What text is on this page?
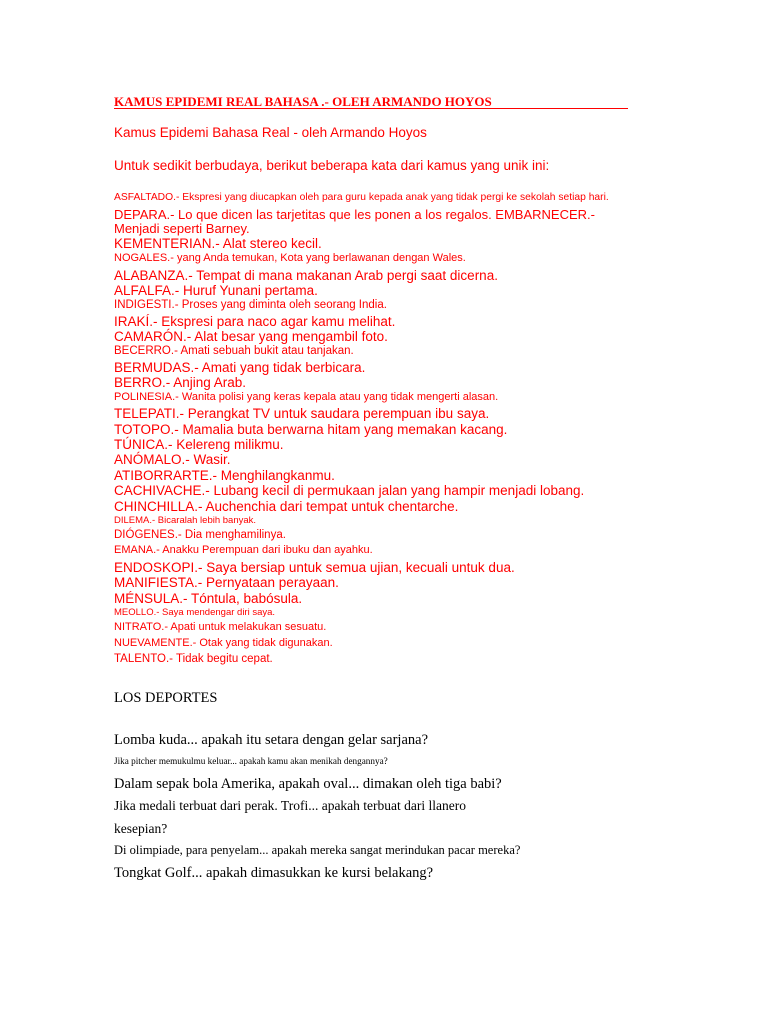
KAMUS EPIDEMI REAL BAHASA .- OLEH ARMANDO HOYOS
Kamus Epidemi Bahasa Real - oleh Armando Hoyos
Untuk sedikit berbudaya, berikut beberapa kata dari kamus yang unik ini:
ASFALTADO.- Ekspresi yang diucapkan oleh para guru kepada anak yang tidak pergi ke sekolah setiap hari.
DEPARA.- Lo que dicen las tarjetitas que les ponen a los regalos. EMBARNECER.-
Menjadi seperti Barney.
KEMENTERIAN.- Alat stereo kecil.
NOGALES.- yang Anda temukan, Kota yang berlawanan dengan Wales.
ALABANZA.- Tempat di mana makanan Arab pergi saat dicerna.
ALFALFA.- Huruf Yunani pertama.
INDIGESTI.- Proses yang diminta oleh seorang India.
IRAKÍ.- Ekspresi para naco agar kamu melihat.
CAMARÓN.- Alat besar yang mengambil foto.
BECERRO.- Amati sebuah bukit atau tanjakan.
BERMUDAS.- Amati yang tidak berbicara.
BERRO.- Anjing Arab.
POLINESIA.- Wanita polisi yang keras kepala atau yang tidak mengerti alasan.
TELEPATI.- Perangkat TV untuk saudara perempuan ibu saya.
TOTOPO.- Mamalia buta berwarna hitam yang memakan kacang.
TÚNICA.- Kelereng milikmu.
ANÓMALO.- Wasir.
ATIBORRARTE.- Menghilangkanmu.
CACHIVACHE.- Lubang kecil di permukaan jalan yang hampir menjadi lobang.
CHINCHILLA.- Auchenchia dari tempat untuk chentarche.
DILEMA.- Bicaralah lebih banyak.
DIÓGENES.- Dia menghamilinya.
EMANA.- Anakku Perempuan dari ibuku dan ayahku.
ENDOSKOPI.- Saya bersiap untuk semua ujian, kecuali untuk dua.
MANIFIESTA.- Pernyataan perayaan.
MÉNSULA.- Tóntula, babósula.
MEOLLO.- Saya mendengar diri saya.
NITRATO.- Apati untuk melakukan sesuatu.
NUEVAMENTE.- Otak yang tidak digunakan.
TALENTO.- Tidak begitu cepat.
LOS DEPORTES
Lomba kuda... apakah itu setara dengan gelar sarjana?
Jika pitcher memukulmu keluar... apakah kamu akan menikah dengannya?
Dalam sepak bola Amerika, apakah oval... dimakan oleh tiga babi?
Jika medali terbuat dari perak. Trofi... apakah terbuat dari llanero
kesepian?
Di olimpiade, para penyelam... apakah mereka sangat merindukan pacar mereka?
Tongkat Golf... apakah dimasukkan ke kursi belakang?
